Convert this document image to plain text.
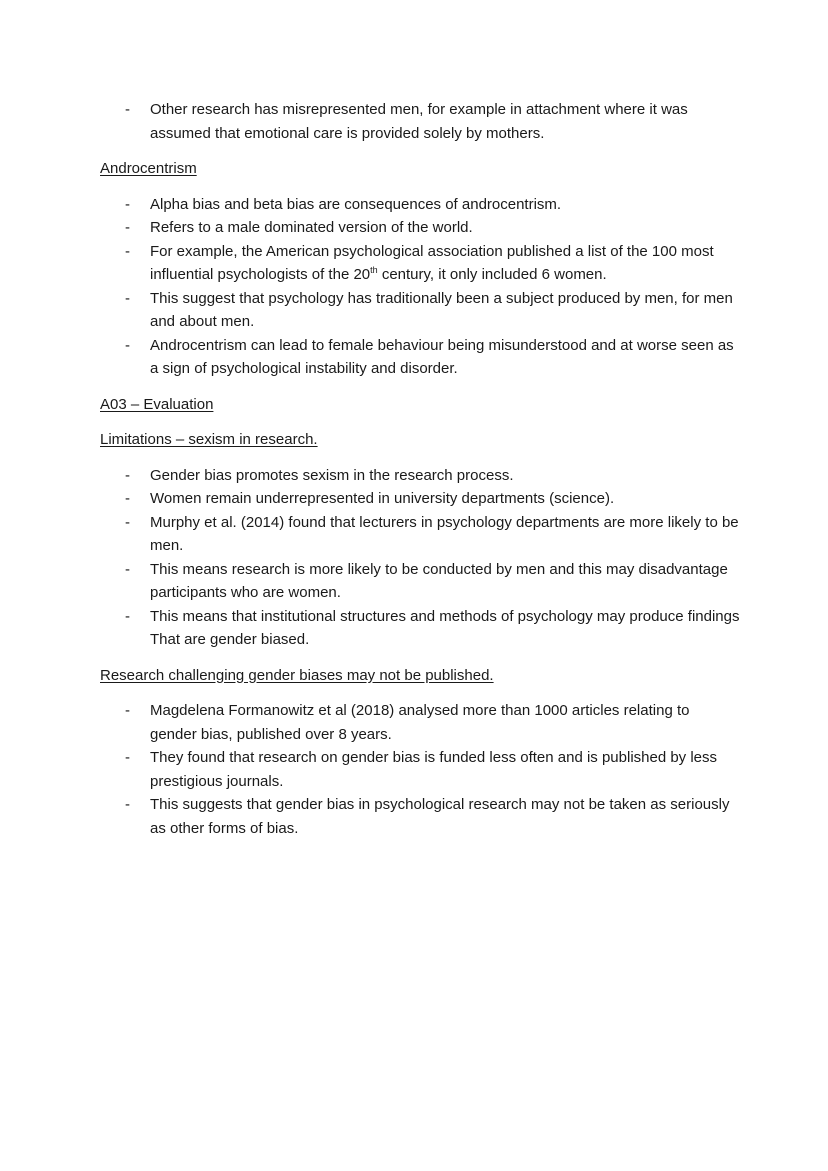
- Other research has misrepresented men, for example in attachment where it was assumed that emotional care is provided solely by mothers.
Androcentrism
- Alpha bias and beta bias are consequences of androcentrism.
- Refers to a male dominated version of the world.
- For example, the American psychological association published a list of the 100 most influential psychologists of the 20th century, it only included 6 women.
- This suggest that psychology has traditionally been a subject produced by men, for men and about men.
- Androcentrism can lead to female behaviour being misunderstood and at worse seen as a sign of psychological instability and disorder.
A03 – Evaluation
Limitations – sexism in research.
- Gender bias promotes sexism in the research process.
- Women remain underrepresented in university departments (science).
- Murphy et al. (2014) found that lecturers in psychology departments are more likely to be men.
- This means research is more likely to be conducted by men and this may disadvantage participants who are women.
- This means that institutional structures and methods of psychology may produce findings That are gender biased.
Research challenging gender biases may not be published.
- Magdelena Formanowitz et al (2018) analysed more than 1000 articles relating to gender bias, published over 8 years.
- They found that research on gender bias is funded less often and is published by less prestigious journals.
- This suggests that gender bias in psychological research may not be taken as seriously as other forms of bias.
